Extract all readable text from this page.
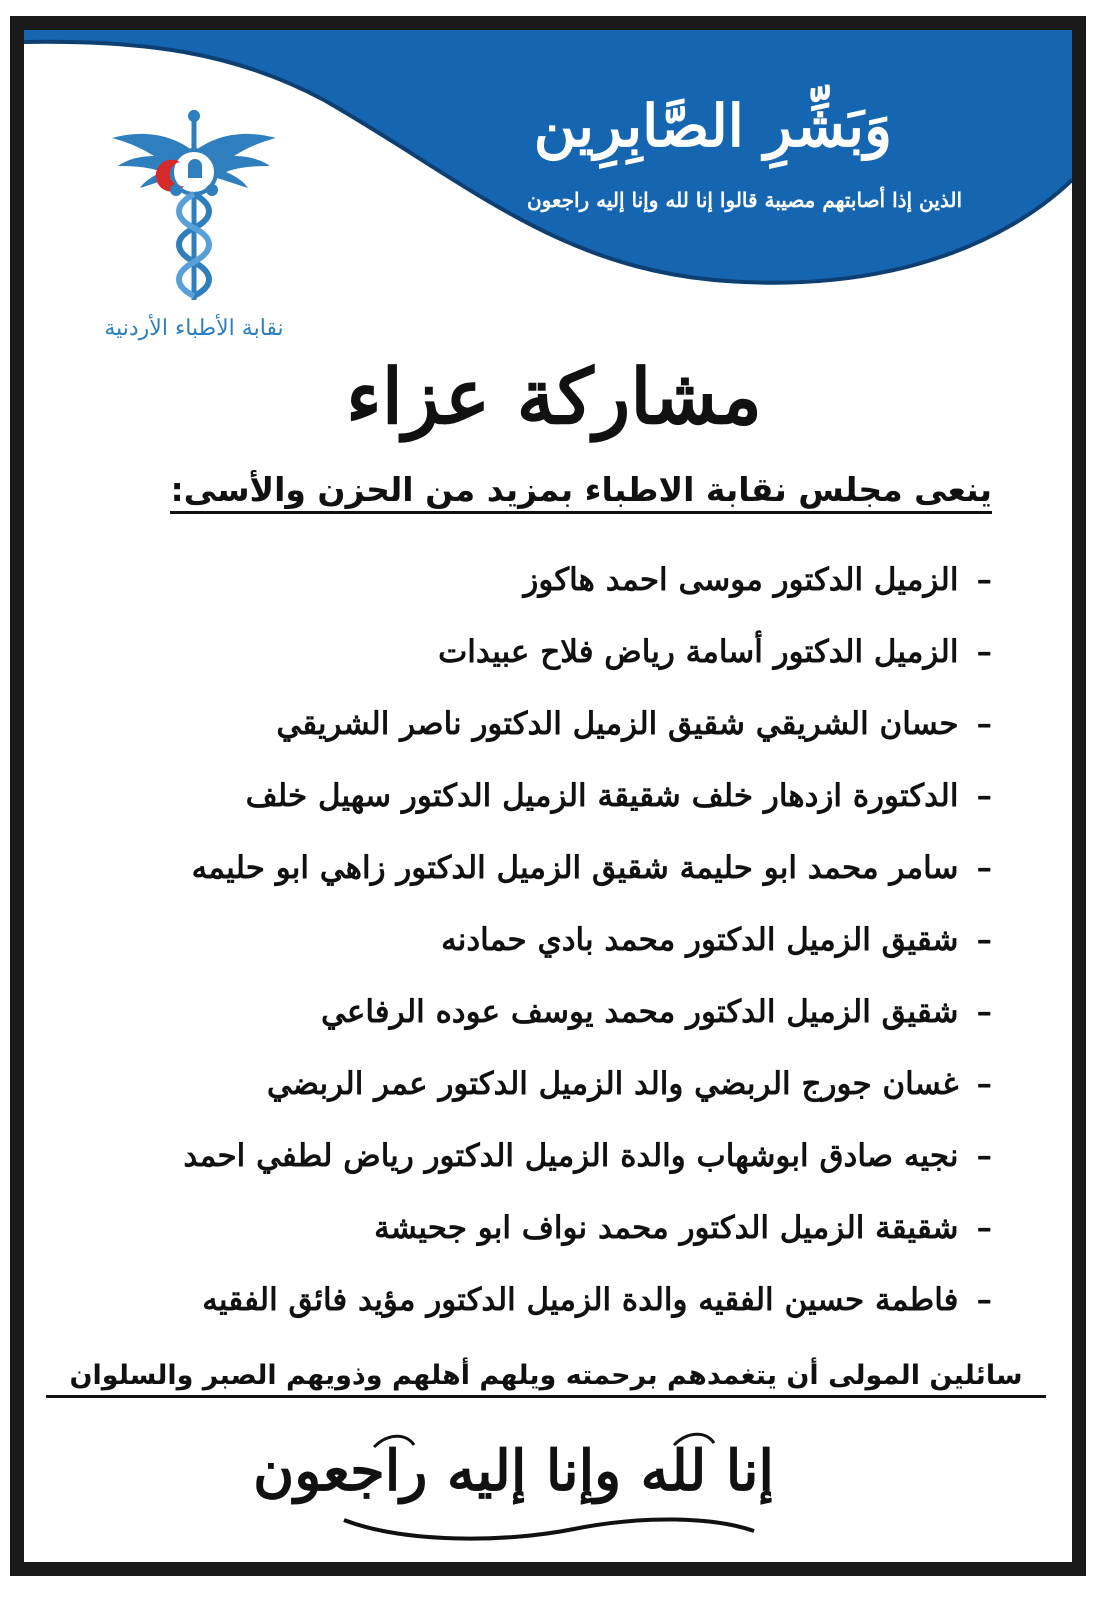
وَبَشِّرِ الصَّابِرِين
الذين إذا أصابتهم مصيبة قالوا إنا لله وإنا إليه راجعون
نقابة الأطباء الأردنية
مشاركة عزاء
ينعى مجلس نقابة الاطباء بمزيد من الحزن والأسى:
–الزميل الدكتور موسى احمد هاكوز
–الزميل الدكتور أسامة رياض فلاح عبيدات
–حسان الشريقي شقيق الزميل الدكتور ناصر الشريقي
–الدكتورة ازدهار خلف شقيقة الزميل الدكتور سهيل خلف
–سامر محمد ابو حليمة شقيق الزميل الدكتور زاهي ابو حليمه
–شقيق الزميل الدكتور محمد بادي حمادنه
–شقيق الزميل الدكتور محمد يوسف عوده الرفاعي
–غسان جورج الربضي والد الزميل الدكتور عمر الربضي
–نجيه صادق ابوشهاب والدة الزميل الدكتور رياض لطفي احمد
–شقيقة الزميل الدكتور محمد نواف ابو جحيشة
–فاطمة حسين الفقيه والدة الزميل الدكتور مؤيد فائق الفقيه
سائلين المولى أن يتغمدهم برحمته ويلهم أهلهم وذويهم الصبر والسلوان
إنا لله وإنا إليه راجعون
